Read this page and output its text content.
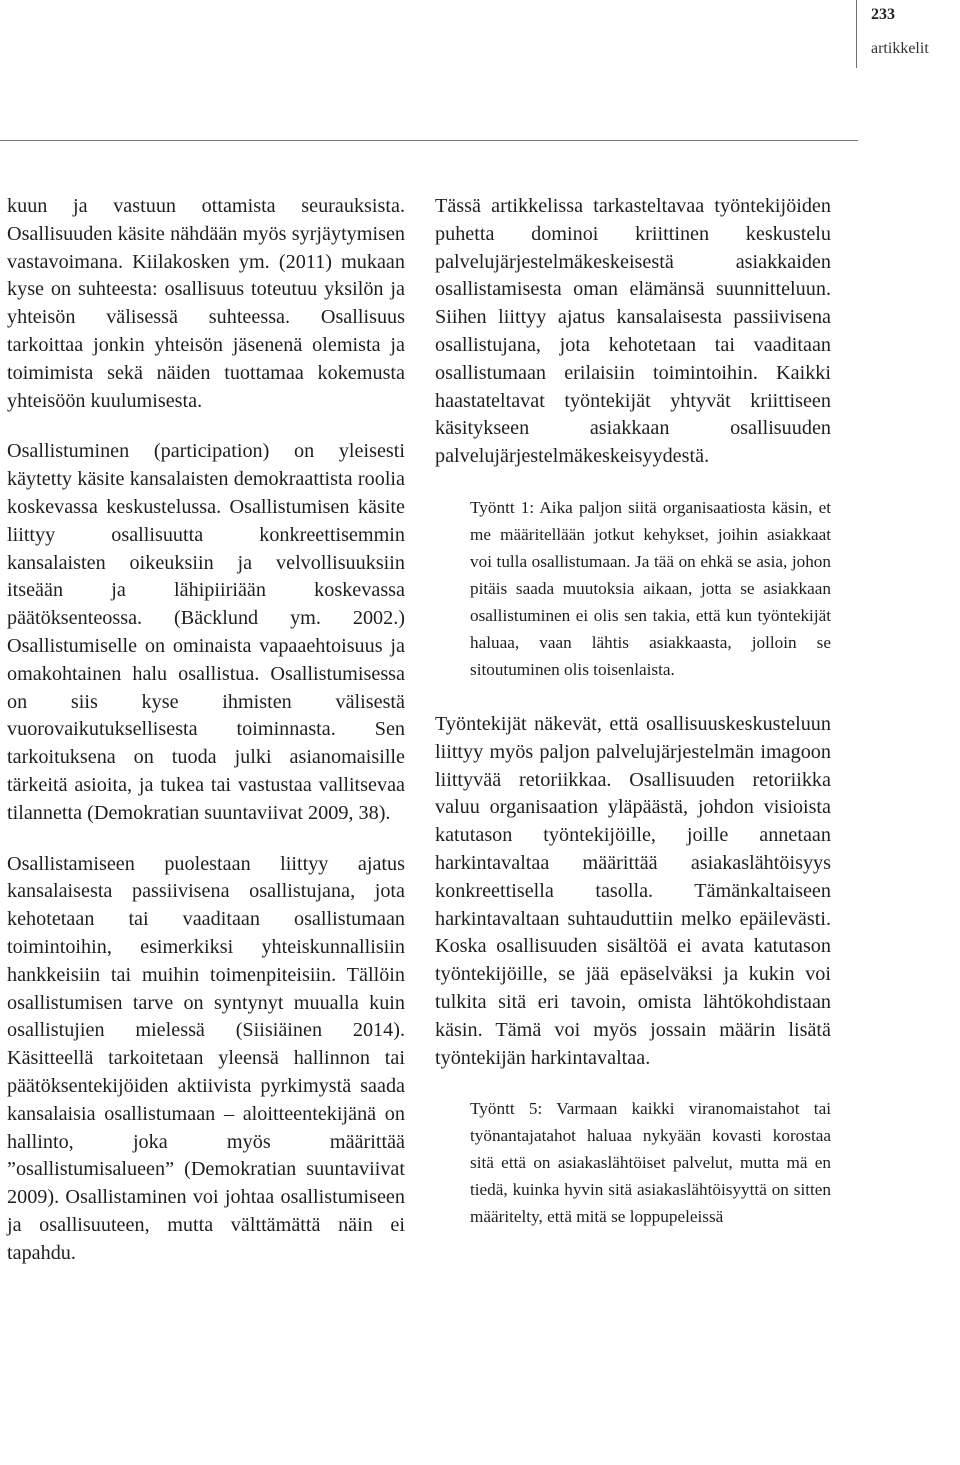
233
artikkelit

kuun ja vastuun ottamista seurauksista. Osallisuuden käsite nähdään myös syrjäytymisen vastavoimana. Kiilakosken ym. (2011) mukaan kyse on suhteesta: osallisuus toteutuu yksilön ja yhteisön välisessä suhteessa. Osallisuus tarkoittaa jonkin yhteisön jäsenenä olemista ja toimimista sekä näiden tuottamaa kokemusta yhteisöön kuulumisesta.

Osallistuminen (participation) on yleisesti käytetty käsite kansalaisten demokraattista roolia koskevassa keskustelussa. Osallistumisen käsite liittyy osallisuutta konkreettisemmin kansalaisten oikeuksiin ja velvollisuuksiin itseään ja lähipiiriään koskevassa päätöksenteossa. (Bäcklund ym. 2002.) Osallistumiselle on ominaista vapaaehtoisuus ja omakohtainen halu osallistua. Osallistumisessa on siis kyse ihmisten välisestä vuorovaikutuksellisesta toiminnasta. Sen tarkoituksena on tuoda julki asianomaisille tärkeitä asioita, ja tukea tai vastustaa vallitsevaa tilannetta (Demokratian suuntaviivat 2009, 38).

Osallistamiseen puolestaan liittyy ajatus kansalaisesta passiivisena osallistujana, jota kehotetaan tai vaaditaan osallistumaan toimintoihin, esimerkiksi yhteiskunnallisiin hankkeisiin tai muihin toimenpiteisiin. Tällöin osallistumisen tarve on syntynyt muualla kuin osallistujien mielessä (Siisiäinen 2014). Käsitteellä tarkoitetaan yleensä hallinnon tai päätöksentekijöiden aktiivista pyrkimystä saada kansalaisia osallistumaan – aloitteentekijänä on hallinto, joka myös määrittää ”osallistumisalueen” (Demokratian suuntaviivat 2009). Osallistaminen voi johtaa osallistumiseen ja osallisuuteen, mutta välttämättä näin ei tapahdu.

Tässä artikkelissa tarkasteltavaa työntekijöiden puhetta dominoi kriittinen keskustelu palvelujärjestelmäkeskeisestä asiakkaiden osallistamisesta oman elämänsä suunnitteluun. Siihen liittyy ajatus kansalaisesta passiivisena osallistujana, jota kehotetaan tai vaaditaan osallistumaan erilaisiin toimintoihin. Kaikki haastateltavat työntekijät yhtyvät kriittiseen käsitykseen asiakkaan osallisuuden palvelujärjestelmäkeskeisyydestä.

Työntt 1: Aika paljon siitä organisaatiosta käsin, et me määritellään jotkut kehykset, joihin asiakkaat voi tulla osallistumaan. Ja tää on ehkä se asia, johon pitäis saada muutoksia aikaan, jotta se asiakkaan osallistuminen ei olis sen takia, että kun työntekijät haluaa, vaan lähtis asiakkaasta, jolloin se sitoutuminen olis toisenlaista.

Työntekijät näkevät, että osallisuuskeskusteluun liittyy myös paljon palvelujärjestelmän imagoon liittyvää retoriikkaa. Osallisuuden retoriikka valuu organisaation yläpäästä, johdon visioista katutason työntekijöille, joille annetaan harkintavaltaa määrittää asiakaslähtöisyys konkreettisella tasolla. Tämänkaltaiseen harkintavaltaan suhtauduttiin melko epäilevästi. Koska osallisuuden sisältöä ei avata katutason työntekijöille, se jää epäselväksi ja kukin voi tulkita sitä eri tavoin, omista lähtökohdistaan käsin. Tämä voi myös jossain määrin lisätä työntekijän harkintavaltaa.

Työntt 5: Varmaan kaikki viranomaistahot tai työnantajatahot haluaa nykyään kovasti korostaa sitä että on asiakaslähtöiset palvelut, mutta mä en tiedä, kuinka hyvin sitä asiakaslähtöisyyttä on sitten määritelty, että mitä se loppupeleissä
